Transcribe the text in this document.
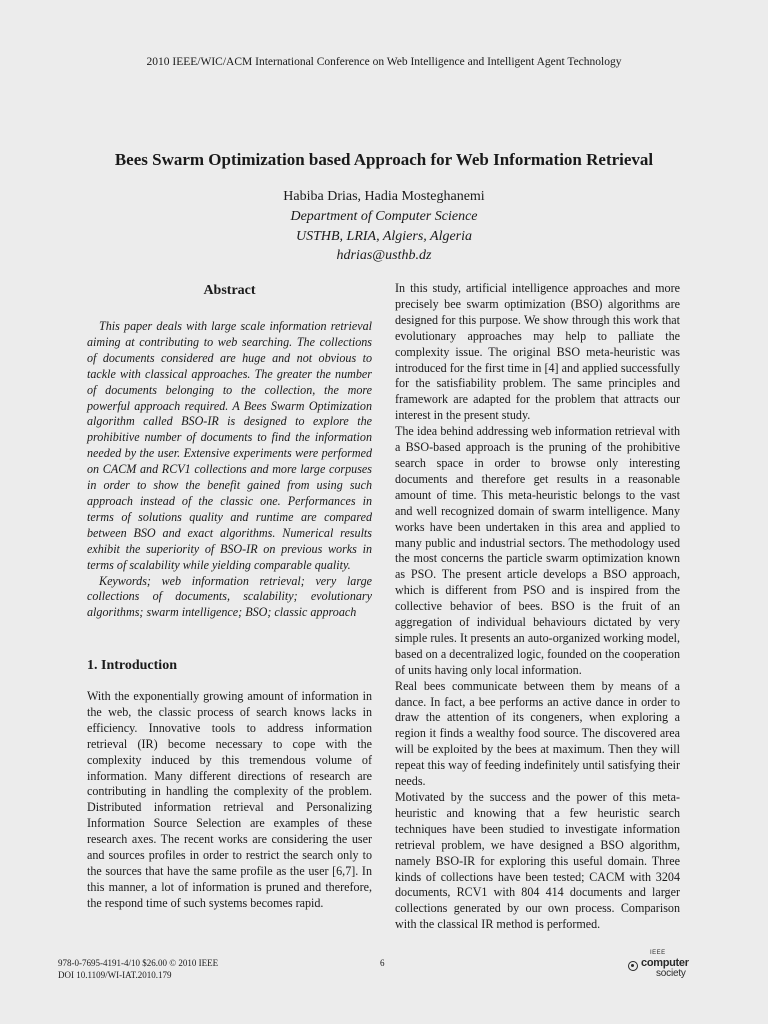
2010 IEEE/WIC/ACM International Conference on Web Intelligence and Intelligent Agent Technology
Bees Swarm Optimization based Approach for Web Information Retrieval
Habiba Drias, Hadia Mosteghanemi
Department of Computer Science
USTHB, LRIA, Algiers, Algeria
hdrias@usthb.dz
Abstract

This paper deals with large scale information retrieval aiming at contributing to web searching. The collections of documents considered are huge and not obvious to tackle with classical approaches. The greater the number of documents belonging to the collection, the more powerful approach required. A Bees Swarm Optimization algorithm called BSO-IR is designed to explore the prohibitive number of documents to find the information needed by the user. Extensive experiments were performed on CACM and RCV1 collections and more large corpuses in order to show the benefit gained from using such approach instead of the classic one. Performances in terms of solutions quality and runtime are compared between BSO and exact algorithms. Numerical results exhibit the superiority of BSO-IR on previous works in terms of scalability while yielding comparable quality.

Keywords; web information retrieval; very large collections of documents, scalability; evolutionary algorithms; swarm intelligence; BSO; classic approach

1. Introduction

With the exponentially growing amount of information in the web, the classic process of search knows lacks in efficiency. Innovative tools to address information retrieval (IR) become necessary to cope with the complexity induced by this tremendous volume of information. Many different directions of research are contributing in handling the complexity of the problem. Distributed information retrieval and Personalizing Information Source Selection are examples of these research axes. The recent works are considering the user and sources profiles in order to restrict the search only to the sources that have the same profile as the user [6,7]. In this manner, a lot of information is pruned and therefore, the respond time of such systems becomes rapid.

In this study, artificial intelligence approaches and more precisely bee swarm optimization (BSO) algorithms are designed for this purpose. We show through this work that evolutionary approaches may help to palliate the complexity issue. The original BSO meta-heuristic was introduced for the first time in [4] and applied successfully for the satisfiability problem. The same principles and framework are adapted for the problem that attracts our interest in the present study.

The idea behind addressing web information retrieval with a BSO-based approach is the pruning of the prohibitive search space in order to browse only interesting documents and therefore get results in a reasonable amount of time. This meta-heuristic belongs to the vast and well recognized domain of swarm intelligence. Many works have been undertaken in this area and applied to many public and industrial sectors. The methodology used the most concerns the particle swarm optimization known as PSO. The present article develops a BSO approach, which is different from PSO and is inspired from the collective behavior of bees. BSO is the fruit of an aggregation of individual behaviours dictated by very simple rules. It presents an auto-organized working model, based on a decentralized logic, founded on the cooperation of units having only local information.

Real bees communicate between them by means of a dance. In fact, a bee performs an active dance in order to draw the attention of its congeners, when exploring a region it finds a wealthy food source. The discovered area will be exploited by the bees at maximum. Then they will repeat this way of feeding indefinitely until satisfying their needs.

Motivated by the success and the power of this meta-heuristic and knowing that a few heuristic search techniques have been studied to investigate information retrieval problem, we have designed a BSO algorithm, namely BSO-IR for exploring this useful domain. Three kinds of collections have been tested; CACM with 3204 documents, RCV1 with 804 414 documents and larger collections generated by our own process. Comparison with the classical IR method is performed.

978-0-7695-4191-4/10 $26.00 © 2010 IEEE
DOI 10.1109/WI-IAT.2010.179
6
IEEE
computer
society
